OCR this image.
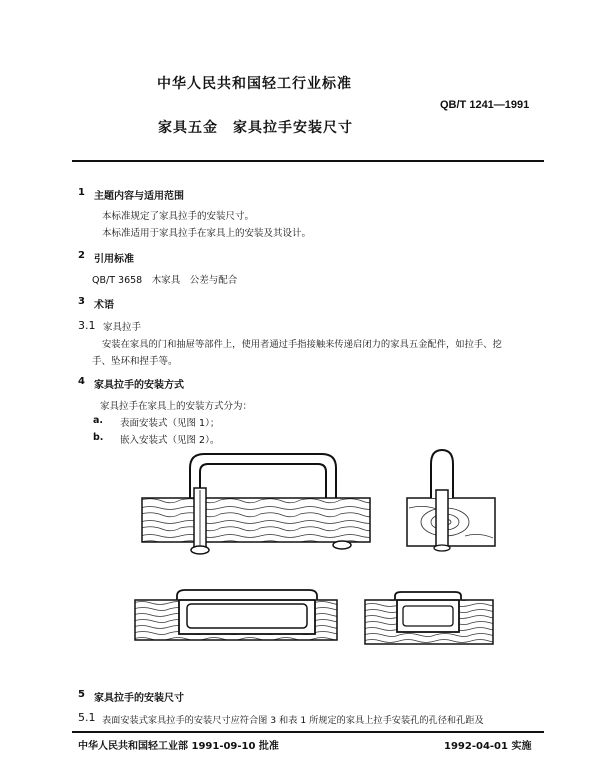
中华人民共和国轻工行业标准
QB/T 1241—1991
家具五金　家具拉手安装尺寸
1 主题内容与适用范围
本标准规定了家具拉手的安装尺寸。
本标准适用于家具拉手在家具上的安装及其设计。
2 引用标准
QB/T 3658　木家具　公差与配合
3 术语
3.1 家具拉手
安装在家具的门和抽屉等部件上，使用者通过手指接触来传递启闭力的家具五金配件，如拉手、挖
手、坠环和捏手等。
4 家具拉手的安装方式
家具拉手在家具上的安装方式分为：
a. 表面安装式（见图 1）；
b. 嵌入安装式（见图 2）。
5 家具拉手的安装尺寸
5.1 表面安装式家具拉手的安装尺寸应符合图 3 和表 1 所规定的家具上拉手安装孔的孔径和孔距及
中华人民共和国轻工业部 1991-09-10 批准	1992-04-01 实施
